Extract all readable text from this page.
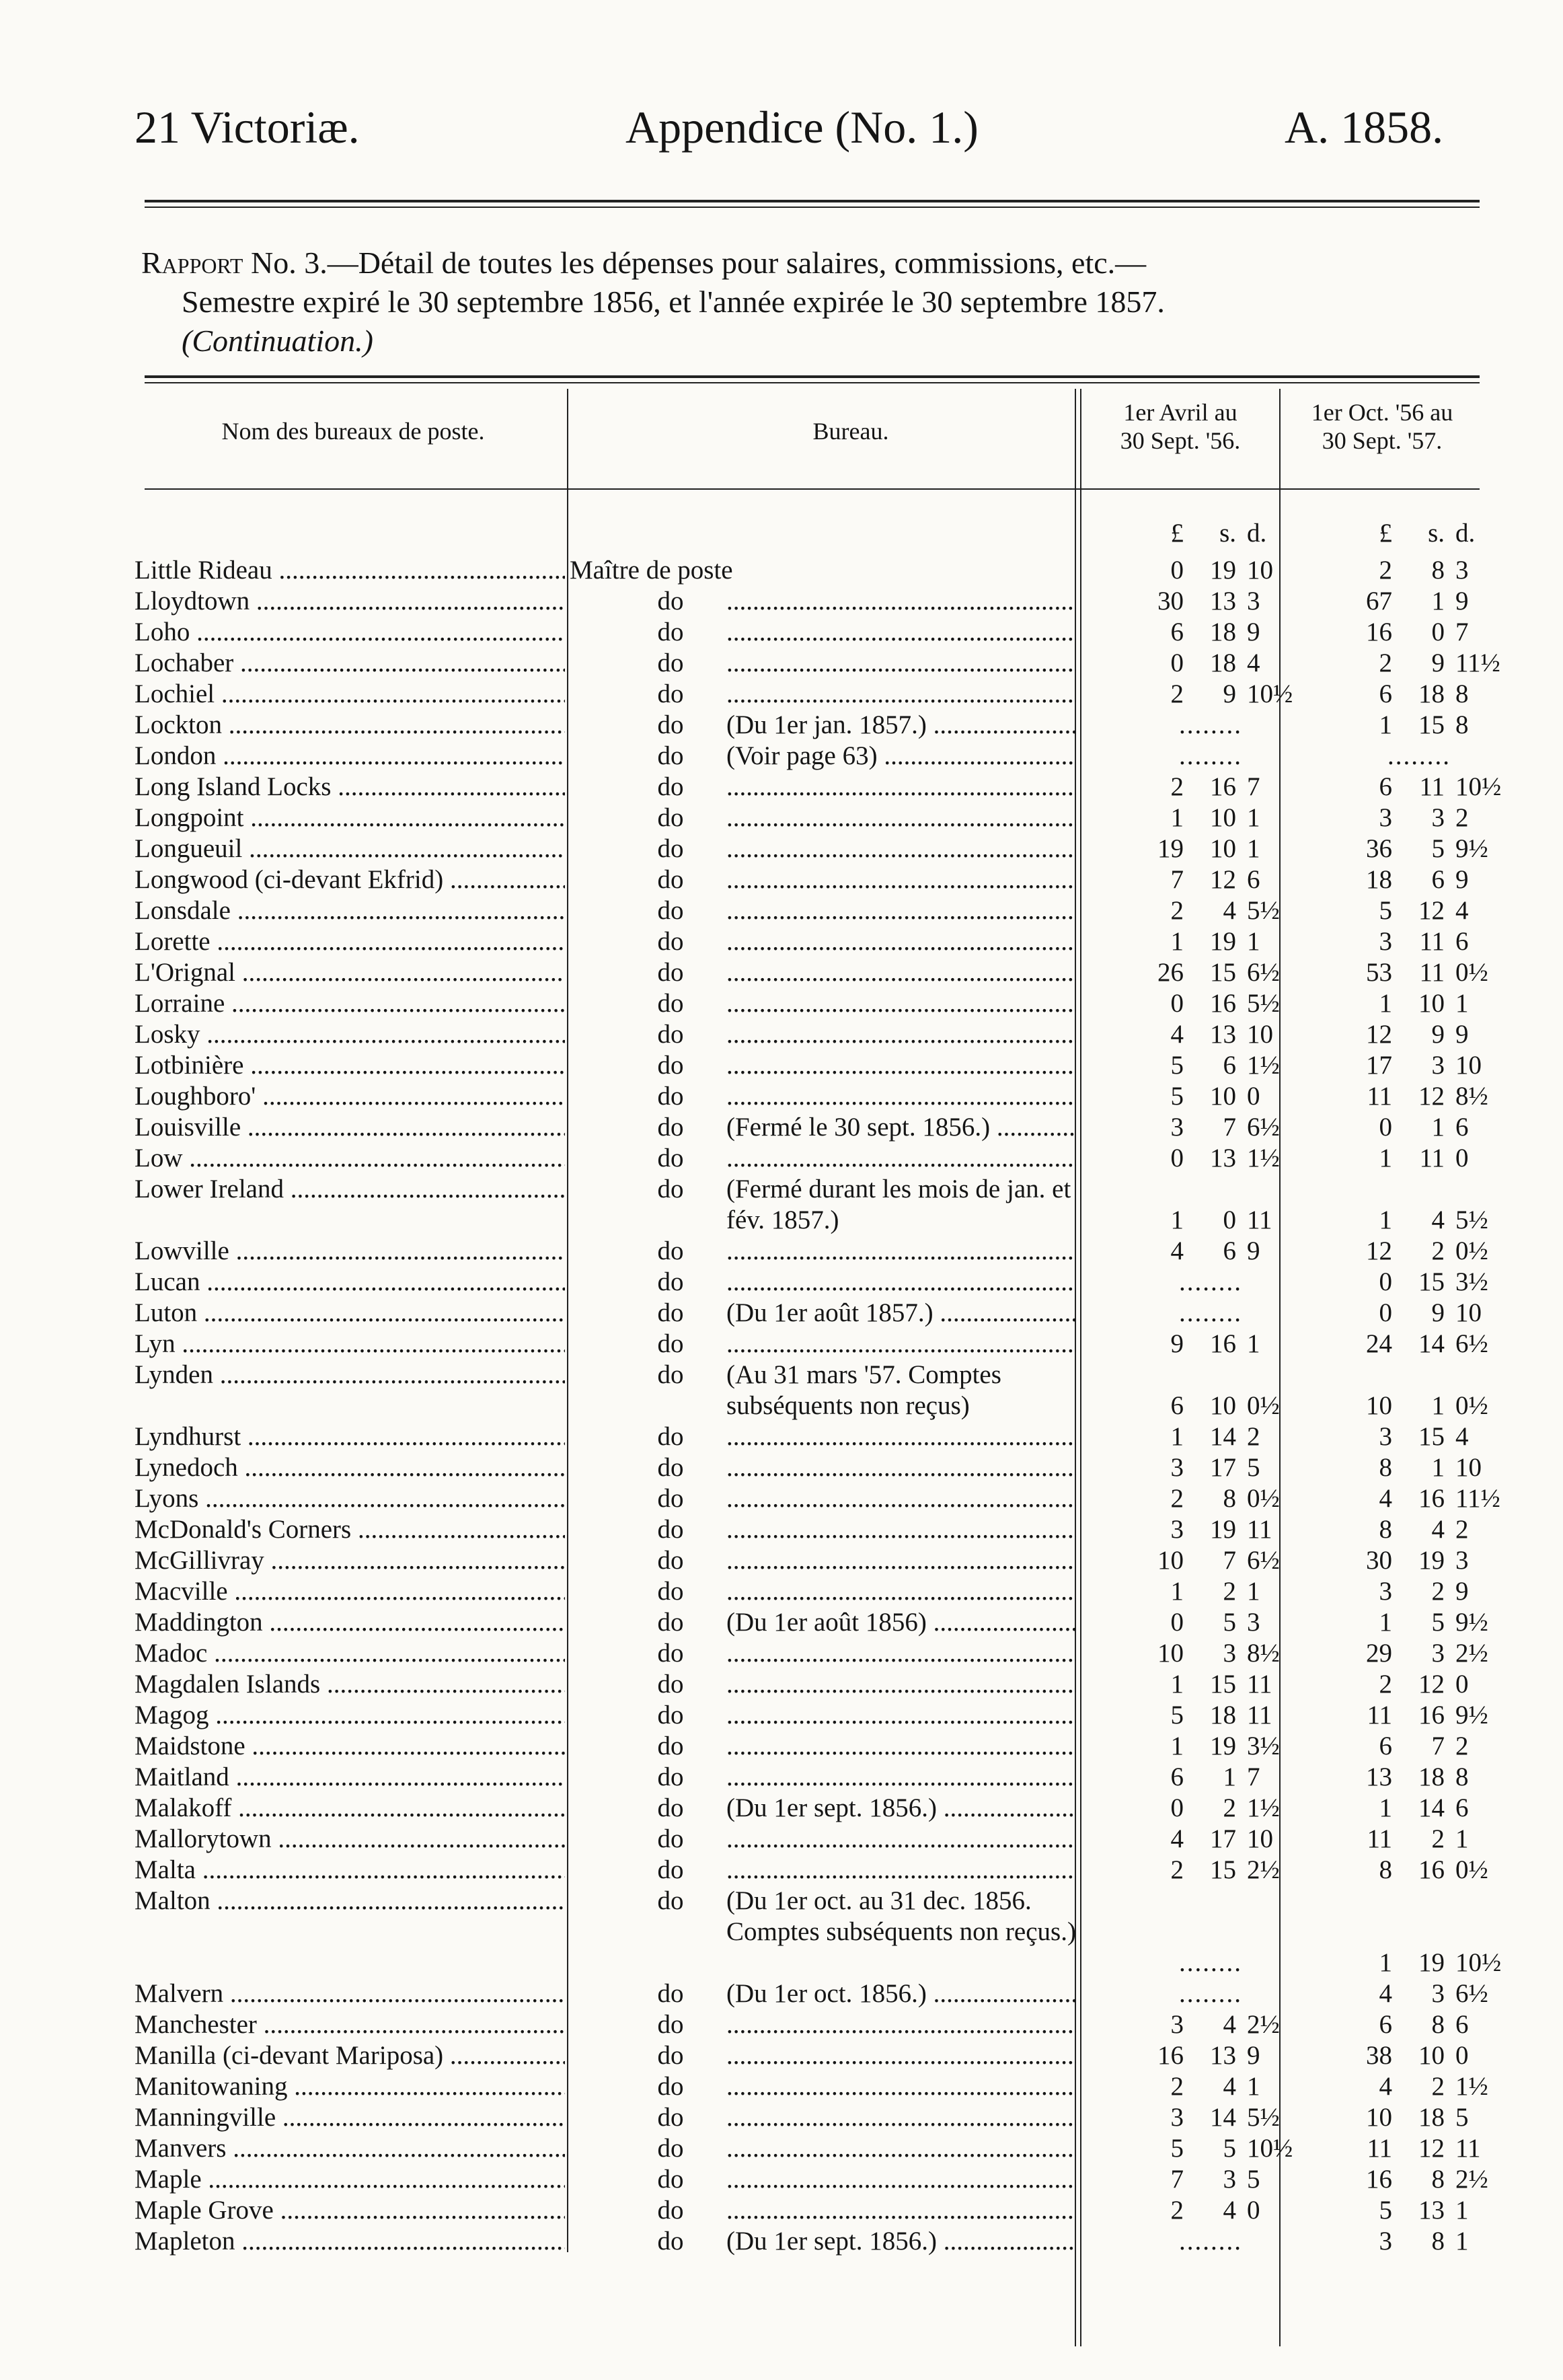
21 Victoriæ.	Appendice (No. 1.)	A. 1858.
Rapport No. 3.—Détail de toutes les dépenses pour salaires, commissions, etc.—
Semestre expiré le 30 septembre 1856, et l'année expirée le 30 septembre 1857.
(Continuation.)
Nom des bureaux de poste.	Bureau.
1er Avril au
30 Sept. '56.
1er Oct. '56 au
30 Sept. '57.
£	s. d.	£	s. d.
Little Rideau .....	Maître de poste	0	19 10	2	8 3
Lloydtown .....	do .....	30	13 3	67	1 9
Loho .....	do .....	6	18 9	16	0 7
Lochaber .....	do .....	0	18 4	2	9 11½
Lochiel .....	do .....	2	9 10½	6	18 8
Lockton .....	do	(Du 1er jan. 1857.) .....	........	1	15 8
London .....	do	(Voir page 63) .....	........	........
Long Island Locks .....	do .....	2	16 7	6	11 10½
Longpoint .....	do .....	1	10 1	3	3 2
Longueuil .....	do .....	19	10 1	36	5 9½
Longwood (ci-devant Ekfrid) .....	do .....	7	12 6	18	6 9
Lonsdale .....	do .....	2	4 5½	5	12 4
Lorette .....	do .....	1	19 1	3	11 6
L'Orignal .....	do .....	26	15 6½	53	11 0½
Lorraine .....	do .....	0	16 5½	1	10 1
Losky .....	do .....	4	13 10	12	9 9
Lotbinière .....	do .....	5	6 1½	17	3 10
Loughboro' .....	do .....	5	10 0	11	12 8½
Louisville .....	do	(Fermé le 30 sept. 1856.) .....	3	7 6½	0	1 6
Low .....	do .....	0	13 1½	1	11 0
Lower Ireland .....	do	(Fermé durant les mois de jan. et fév. 1857.)	1	0 11	1	4 5½
Lowville .....	do .....	4	6 9	12	2 0½
Lucan .....	do .....	........	0	15 3½
Luton .....	do	(Du 1er août 1857.) .....	........	0	9 10
Lyn .....	do .....	9	16 1	24	14 6½
Lynden .....	do	(Au 31 mars '57. Comptes subséquents non reçus)	6	10 0½	10	1 0½
Lyndhurst .....	do .....	1	14 2	3	15 4
Lynedoch .....	do .....	3	17 5	8	1 10
Lyons .....	do .....	2	8 0½	4	16 11½
McDonald's Corners .....	do .....	3	19 11	8	4 2
McGillivray .....	do .....	10	7 6½	30	19 3
Macville .....	do .....	1	2 1	3	2 9
Maddington .....	do	(Du 1er août 1856) .....	0	5 3	1	5 9½
Madoc .....	do .....	10	3 8½	29	3 2½
Magdalen Islands .....	do .....	1	15 11	2	12 0
Magog .....	do .....	5	18 11	11	16 9½
Maidstone .....	do .....	1	19 3½	6	7 2
Maitland .....	do .....	6	1 7	13	18 8
Malakoff .....	do	(Du 1er sept. 1856.) .....	0	2 1½	1	14 6
Mallorytown .....	do .....	4	17 10	11	2 1
Malta .....	do .....	2	15 2½	8	16 0½
Malton .....	do	(Du 1er oct. au 31 dec. 1856. Comptes subséquents non reçus.)
........	1	19 10½
Malvern .....	do	(Du 1er oct. 1856.) .....	........	4	3 6½
Manchester .....	do .....	3	4 2½	6	8 6
Manilla (ci-devant Mariposa) .....	do .....	16	13 9	38	10 0
Manitowaning .....	do .....	2	4 1	4	2 1½
Manningville .....	do .....	3	14 5½	10	18 5
Manvers .....	do .....	5	5 10½	11	12 11
Maple .....	do .....	7	3 5	16	8 2½
Maple Grove .....	do .....	2	4 0	5	13 1
Mapleton .....	do	(Du 1er sept. 1856.) .....	........	3	8 1
